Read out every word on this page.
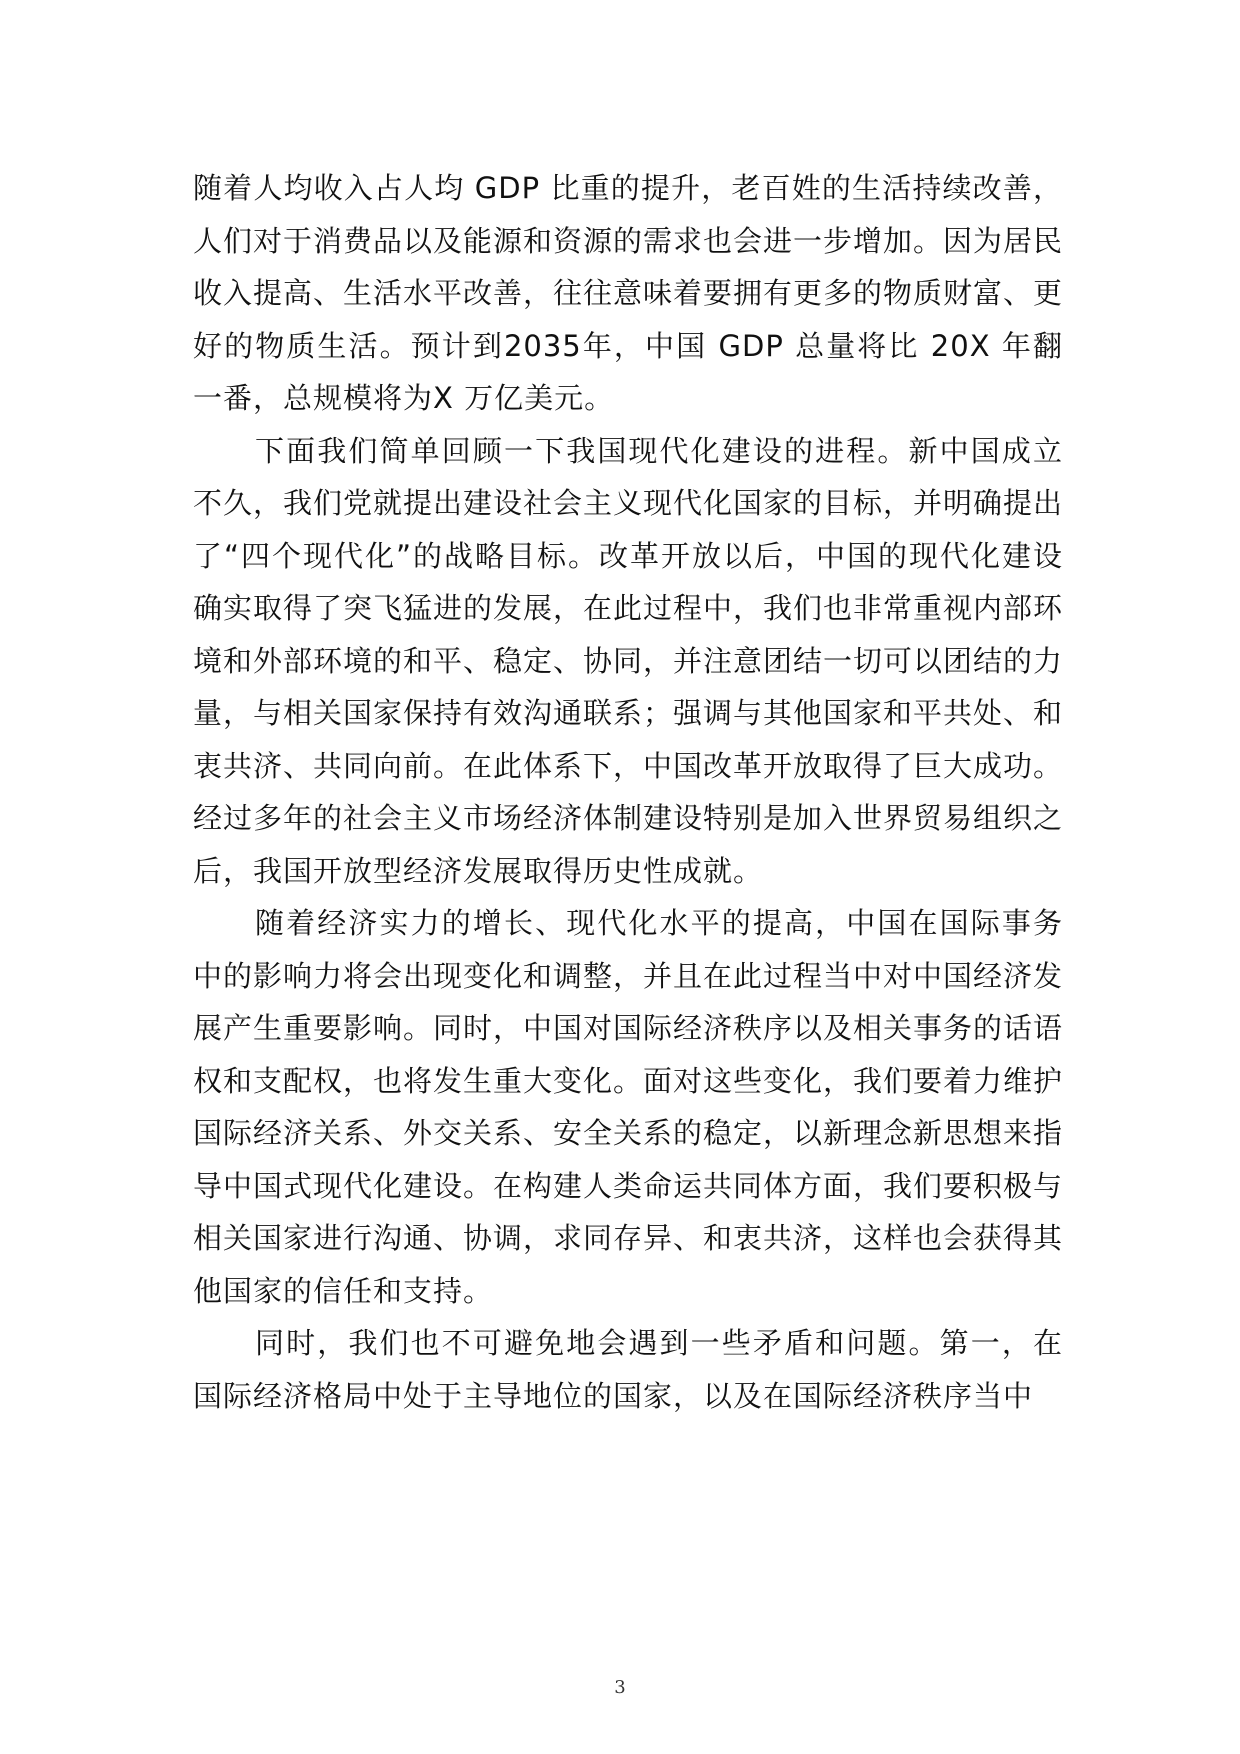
随着人均收入占人均 GDP 比重的提升，老百姓的生活持续改善，人们对于消费品以及能源和资源的需求也会进一步增加。因为居民收入提高、生活水平改善，往往意味着要拥有更多的物质财富、更好的物质生活。预计到2035年，中国 GDP 总量将比 20X 年翻一番，总规模将为X 万亿美元。

下面我们简单回顾一下我国现代化建设的进程。新中国成立不久，我们党就提出建设社会主义现代化国家的目标，并明确提出了“四个现代化”的战略目标。改革开放以后，中国的现代化建设确实取得了突飞猛进的发展，在此过程中，我们也非常重视内部环境和外部环境的和平、稳定、协同，并注意团结一切可以团结的力量，与相关国家保持有效沟通联系；强调与其他国家和平共处、和衷共济、共同向前。在此体系下，中国改革开放取得了巨大成功。经过多年的社会主义市场经济体制建设特别是加入世界贸易组织之后，我国开放型经济发展取得历史性成就。

随着经济实力的增长、现代化水平的提高，中国在国际事务中的影响力将会出现变化和调整，并且在此过程当中对中国经济发展产生重要影响。同时，中国对国际经济秩序以及相关事务的话语权和支配权，也将发生重大变化。面对这些变化，我们要着力维护国际经济关系、外交关系、安全关系的稳定，以新理念新思想来指导中国式现代化建设。在构建人类命运共同体方面，我们要积极与相关国家进行沟通、协调，求同存异、和衷共济，这样也会获得其他国家的信任和支持。

同时，我们也不可避免地会遇到一些矛盾和问题。第一，在国际经济格局中处于主导地位的国家，以及在国际经济秩序当中

3
